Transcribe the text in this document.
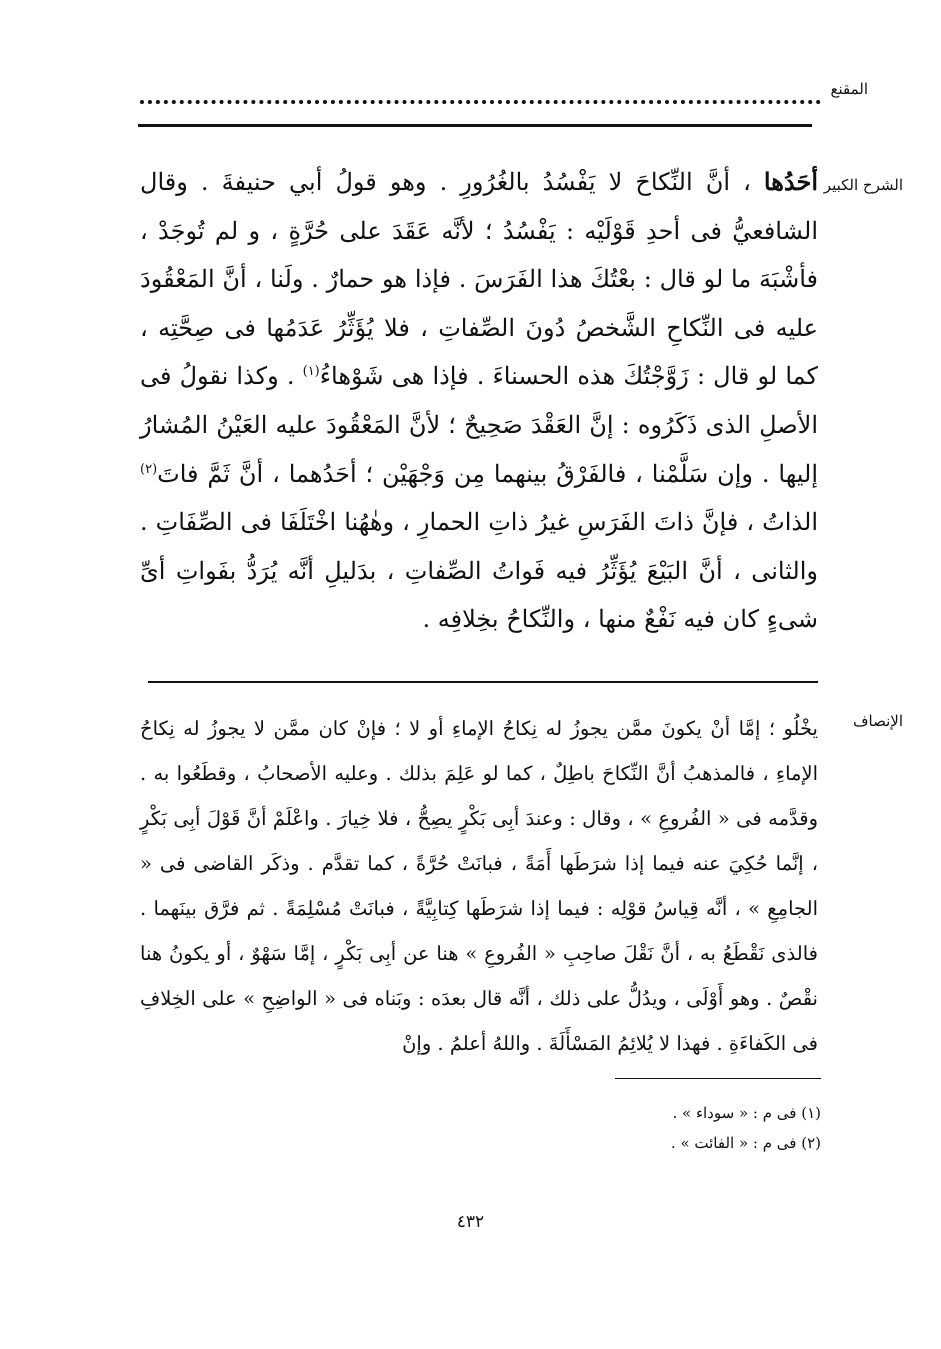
المقنع
الشرح الكبير
الإنصاف

أحَدُها ، أنَّ النِّكاحَ لا يَفْسُدُ بالغُرُورِ . وهو قولُ أبي حنيفةَ . وقال الشافعيُّ فى أحدِ قَوْلَيْه : يَفْسُدُ ؛ لأنَّه عَقَدَ على حُرَّةٍ ، و لم تُوجَدْ ، فأشْبَهَ ما لو قال : بعْتُكَ هذا الفَرَسَ . فإذا هو حمارٌ . ولَنا ، أنَّ المَعْقُودَ عليه فى النِّكاحِ الشَّخصُ دُونَ الصِّفاتِ ، فلا يُؤَثِّرُ عَدَمُها فى صِحَّتِه ، كما لو قال : زَوَّجْتُكَ هذه الحسناءَ . فإذا هى شَوْهاءُ$^{(١)}$ . وكذا نقولُ فى الأصلِ الذى ذَكَرُوه : إنَّ العَقْدَ صَحِيحٌ ؛ لأنَّ المَعْقُودَ عليه العَيْنُ المُشارُ إليها . وإن سَلَّمْنا ، فالفَرْقُ بينهما مِن وَجْهَيْن ؛ أحَدُهما ، أنَّ ثَمَّ فاتَ$^{(٢)}$ الذاتُ ، فإنَّ ذاتَ الفَرَسِ غيرُ ذاتِ الحمارِ ، وهٰهُنا اخْتَلَفَا فى الصِّفَاتِ . والثانى ، أنَّ البَيْعَ يُؤَثِّرُ فيه فَواتُ الصِّفاتِ ، بدَليلِ أنَّه يُرَدُّ بفَواتِ أىِّ شىءٍ كان فيه نَفْعٌ منها ، والنِّكاحُ بخِلافِه .

يخْلُو ؛ إمَّا أنْ يكونَ ممَّن يجوزُ له نِكاحُ الإماءِ أو لا ؛ فإنْ كان ممَّن لا يجوزُ له نِكاحُ الإماءِ ، فالمذهبُ أنَّ النِّكاحَ باطِلٌ ، كما لو عَلِمَ بذلك . وعليه الأصحابُ ، وقطَعُوا به . وقدَّمه فى « الفُروعِ » ، وقال : وعندَ أبِى بَكْرٍ يصِحُّ ، فلا خِيارَ . واعْلَمْ أنَّ قَوْلَ أبِى بَكْرٍ ، إنَّما حُكِيَ عنه فيما إذا شرَطَها أَمَةً ، فبانَتْ حُرَّةً ، كما تقدَّم . وذكَر القاضى فى « الجامِعِ » ، أنَّه قِياسُ قوْلِه : فيما إذا شرَطَها كِتابِيَّةً ، فبانَتْ مُسْلِمَةً . ثم فرَّق بينَهما . فالذى نَقْطَعُ به ، أنَّ نَقْلَ صاحِبِ « الفُروعِ » هنا عن أبِى بَكْرٍ ، إمَّا سَهْوٌ ، أو يكونُ هنا نقْصٌ . وهو أَوْلَى ، ويدُلُّ على ذلك ، أنَّه قال بعدَه : وبَناه فى « الواضِحِ » على الخِلافِ فى الكَفاءَةِ . فهذا لا يُلائِمُ المَسْأَلَةَ . واللهُ أعلمُ . وإنْ

(١) فى م : « سوداء » .

(٢) فى م : « الفائت » .

٤٣٢
